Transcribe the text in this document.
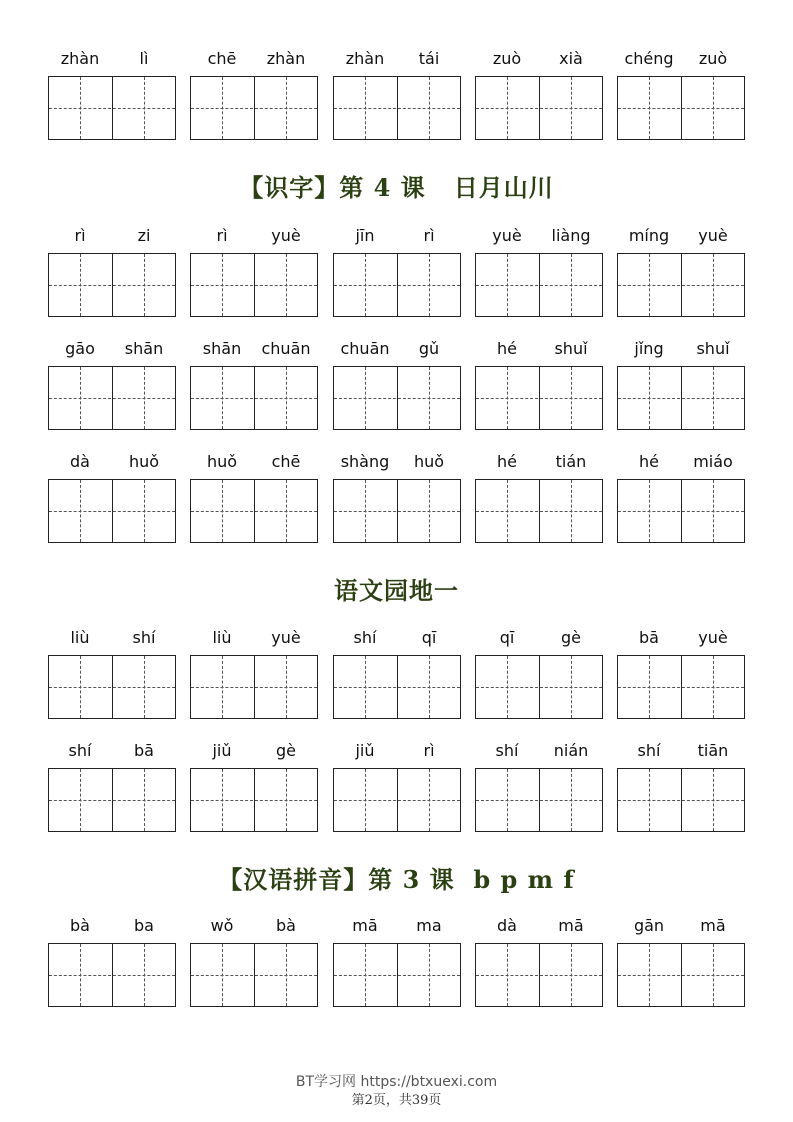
【识字】第 4 课   日月山川
语文园地一
【汉语拼音】第 3 课  b p m f
zhàn	lì	chē	zhàn	zhàn	tái	zuò	xià	chéng	zuò
rì	zi	rì	yuè	jīn	rì	yuè	liàng	míng	yuè
gāo	shān	shān	chuān	chuān	gǔ	hé	shuǐ	jǐng	shuǐ
dà	huǒ	huǒ	chē	shàng	huǒ	hé	tián	hé	miáo
liù	shí	liù	yuè	shí	qī	qī	gè	bā	yuè
shí	bā	jiǔ	gè	jiǔ	rì	shí	nián	shí	tiān
bà	ba	wǒ	bà	mā	ma	dà	mā	gān	mā
BT学习网 https://btxuexi.com
第2页，共39页
